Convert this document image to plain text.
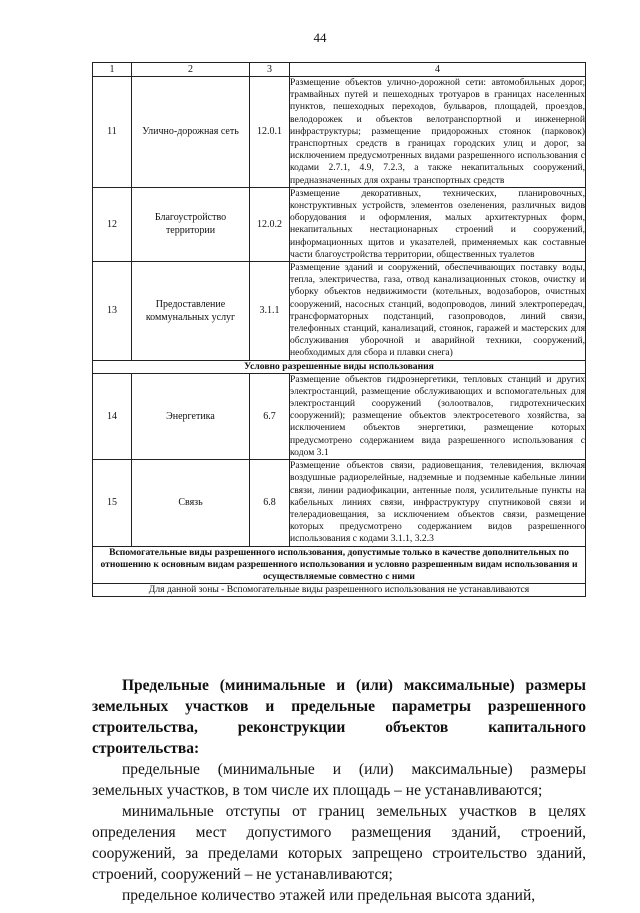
44
1	2	3	4
11	Улично-дорожная сеть	12.0.1	Размещение объектов улично-дорожной сети: автомобильных дорог, трамвайных путей и пешеходных тротуаров в границах населенных пунктов, пешеходных переходов, бульваров, площадей, проездов, велодорожек и объектов велотранспортной и инженерной инфраструктуры; размещение придорожных стоянок (парковок) транспортных средств в границах городских улиц и дорог, за исключением предусмотренных видами разрешенного использования с кодами 2.7.1, 4.9, 7.2.3, а также некапитальных сооружений, предназначенных для охраны транспортных средств
12	Благоустройство территории	12.0.2	Размещение декоративных, технических, планировочных, конструктивных устройств, элементов озеленения, различных видов оборудования и оформления, малых архитектурных форм, некапитальных нестационарных строений и сооружений, информационных щитов и указателей, применяемых как составные части благоустройства территории, общественных туалетов
13	Предоставление коммунальных услуг	3.1.1	Размещение зданий и сооружений, обеспечивающих поставку воды, тепла, электричества, газа, отвод канализационных стоков, очистку и уборку объектов недвижимости (котельных, водозаборов, очистных сооружений, насосных станций, водопроводов, линий электропередач, трансформаторных подстанций, газопроводов, линий связи, телефонных станций, канализаций, стоянок, гаражей и мастерских для обслуживания уборочной и аварийной техники, сооружений, необходимых для сбора и плавки снега)
Условно разрешенные виды использования			
14	Энергетика	6.7	Размещение объектов гидроэнергетики, тепловых станций и других электростанций, размещение обслуживающих и вспомогательных для электростанций сооружений (золоотвалов, гидротехнических сооружений); размещение объектов электросетевого хозяйства, за исключением объектов энергетики, размещение которых предусмотрено содержанием вида разрешенного использования с кодом 3.1
15	Связь	6.8	Размещение объектов связи, радиовещания, телевидения, включая воздушные радиорелейные, надземные и подземные кабельные линии связи, линии радиофикации, антенные поля, усилительные пункты на кабельных линиях связи, инфраструктуру спутниковой связи и телерадиовещания, за исключением объектов связи, размещение которых предусмотрено содержанием видов разрешенного использования с кодами 3.1.1, 3.2.3
Вспомогательные виды разрешенного использования, допустимые только в качестве дополнительных по отношению к основным видам разрешенного использования и условно разрешенным видам использования и осуществляемые совместно с ними			
Для данной зоны - Вспомогательные виды разрешенного использования не устанавливаются			

Предельные (минимальные и (или) максимальные) размеры земельных участков и предельные параметры разрешенного строительства, реконструкции объектов капитального строительства:

предельные (минимальные и (или) максимальные) размеры земельных участков, в том числе их площадь – не устанавливаются;

минимальные отступы от границ земельных участков в целях определения мест допустимого размещения зданий, строений, сооружений, за пределами которых запрещено строительство зданий, строений, сооружений – не устанавливаются;

предельное количество этажей или предельная высота зданий,
